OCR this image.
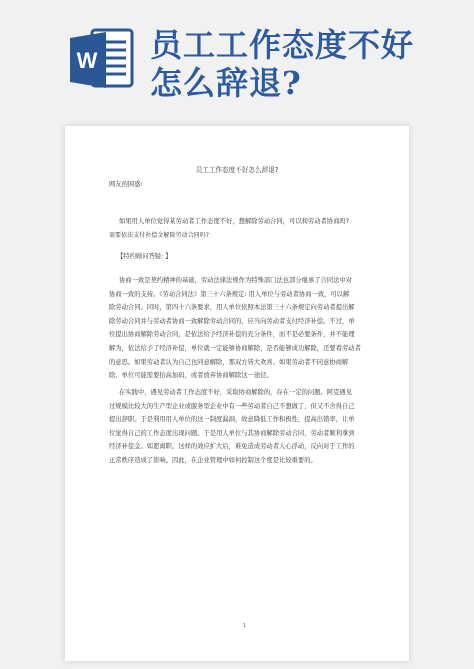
W 员工工作态度不好
怎么辞退?
员工工作态度不好怎么辞退?
网友的困惑:
如果用人单位觉得某劳动者工作态度不好，想解除劳动合同，可以和劳动者协商吗?
需要依法支付补偿金解除劳动合同吗?
【特约顾问答疑: 】
协商一致是契约精神的基础，劳动法律法规作为特殊部门法也部分继承了合同法中对
协商一致的支持。《劳动合同法》第三十六条规定: 用人单位与劳动者协商一致，可以解
除劳动合同。同时，第四十六条要求，用人单位依照本法第三十六条规定向劳动者提出解
除劳动合同并与劳动者协商一致解除劳动合同的，应当向劳动者支付经济补偿。不过，单
位提出协商解除劳动合同，是依法给予经济补偿的充分条件，而不是必要条件，并不能理
解为，依法给予了经济补偿，单位就一定能够协商解除，是否能够成功解除，还要看劳动者
的意思。如果劳动者认为自己也同意解除，那双方皆大欢喜。如果劳动者不同意协商解
除，单位可能需要抬高加码，或者放弃协商解除这一途径。
在实践中，遇见劳动者工作态度不好，采取协商解除的，存在一定的问题。阿克遇见
过规模比较大的生产型企业或服务型企业中有一些劳动者自己不想做了，但又不舍得自己
提出辞职。于是利用用人单位的这一制度漏洞，故意降低工作积极性，提高出错率，让单
位觉得自己的工作态度出现问题。于是用人单位与其协商解除劳动合同，劳动者顺利拿到
经济补偿金。如愿离职。这样的效应扩大后，难免造成劳动者人心浮动，反向对于工作的
正常秩序造成了影响。因此，在企业管理中如何控制这个度是比较重要的。
1
